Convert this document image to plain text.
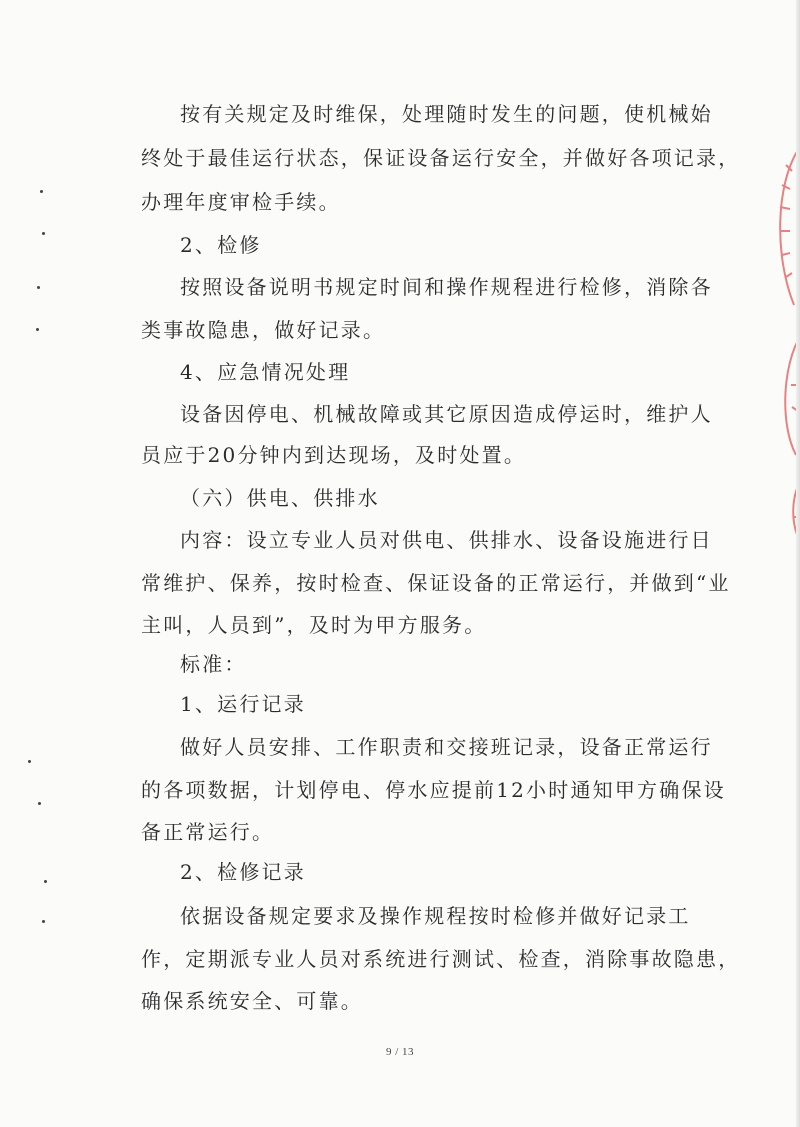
按有关规定及时维保，处理随时发生的问题，使机械始
终处于最佳运行状态，保证设备运行安全，并做好各项记录，
办理年度审检手续。
2、检修
按照设备说明书规定时间和操作规程进行检修，消除各
类事故隐患，做好记录。
4、应急情况处理
设备因停电、机械故障或其它原因造成停运时，维护人
员应于20分钟内到达现场，及时处置。
（六）供电、供排水
内容：设立专业人员对供电、供排水、设备设施进行日
常维护、保养，按时检查、保证设备的正常运行，并做到“业
主叫，人员到”，及时为甲方服务。
标准：
1、运行记录
做好人员安排、工作职责和交接班记录，设备正常运行
的各项数据，计划停电、停水应提前12小时通知甲方确保设
备正常运行。
2、检修记录
依据设备规定要求及操作规程按时检修并做好记录工
作，定期派专业人员对系统进行测试、检查，消除事故隐患，
确保系统安全、可靠。
9 / 13
